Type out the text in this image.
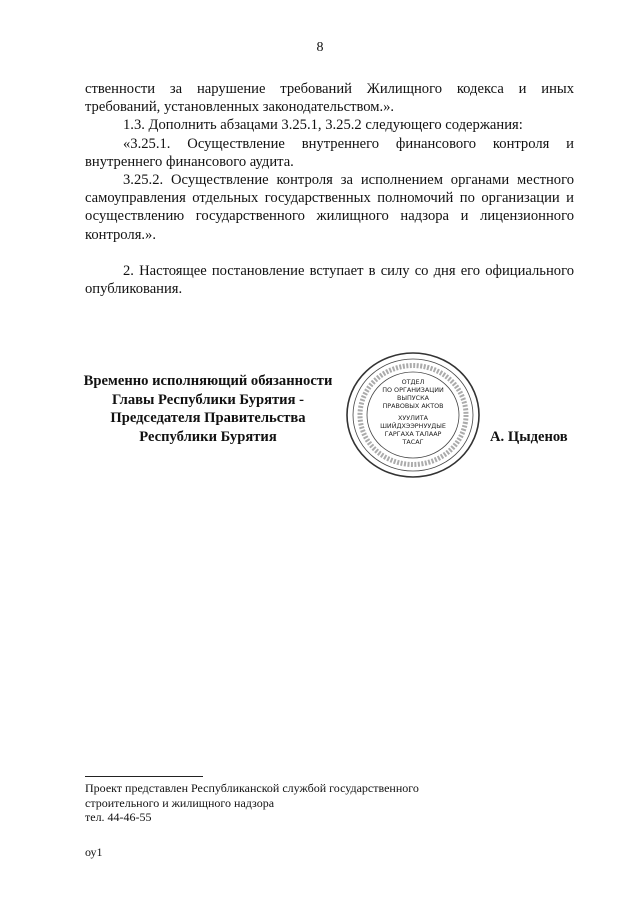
8

ственности за нарушение требований Жилищного кодекса и иных требований, установленных законодательством.».

1.3. Дополнить абзацами 3.25.1, 3.25.2 следующего содержания:

«3.25.1. Осуществление внутреннего финансового контроля и внутреннего финансового аудита.

3.25.2. Осуществление контроля за исполнением органами местного самоуправления отдельных государственных полномочий по организации и осуществлению государственного жилищного надзора и лицензионного контроля.».

2. Настоящее постановление вступает в силу со дня его официального опубликования.

Временно исполняющий обязанности
Главы Республики Бурятия -
Председателя Правительства
Республики Бурятия
ОТДЕЛ
ПО ОРГАНИЗАЦИИ
ВЫПУСКА
ПРАВОВЫХ АКТОВ
ХУУЛИТА
ШИЙДХЭЭРНУУДЫЕ
ГАРГАХА ТАЛААР
ТАСАГ	А. Цыденов
Проект представлен Республиканской службой государственного
строительного и жилищного надзора
тел. 44-46-55
оу1
